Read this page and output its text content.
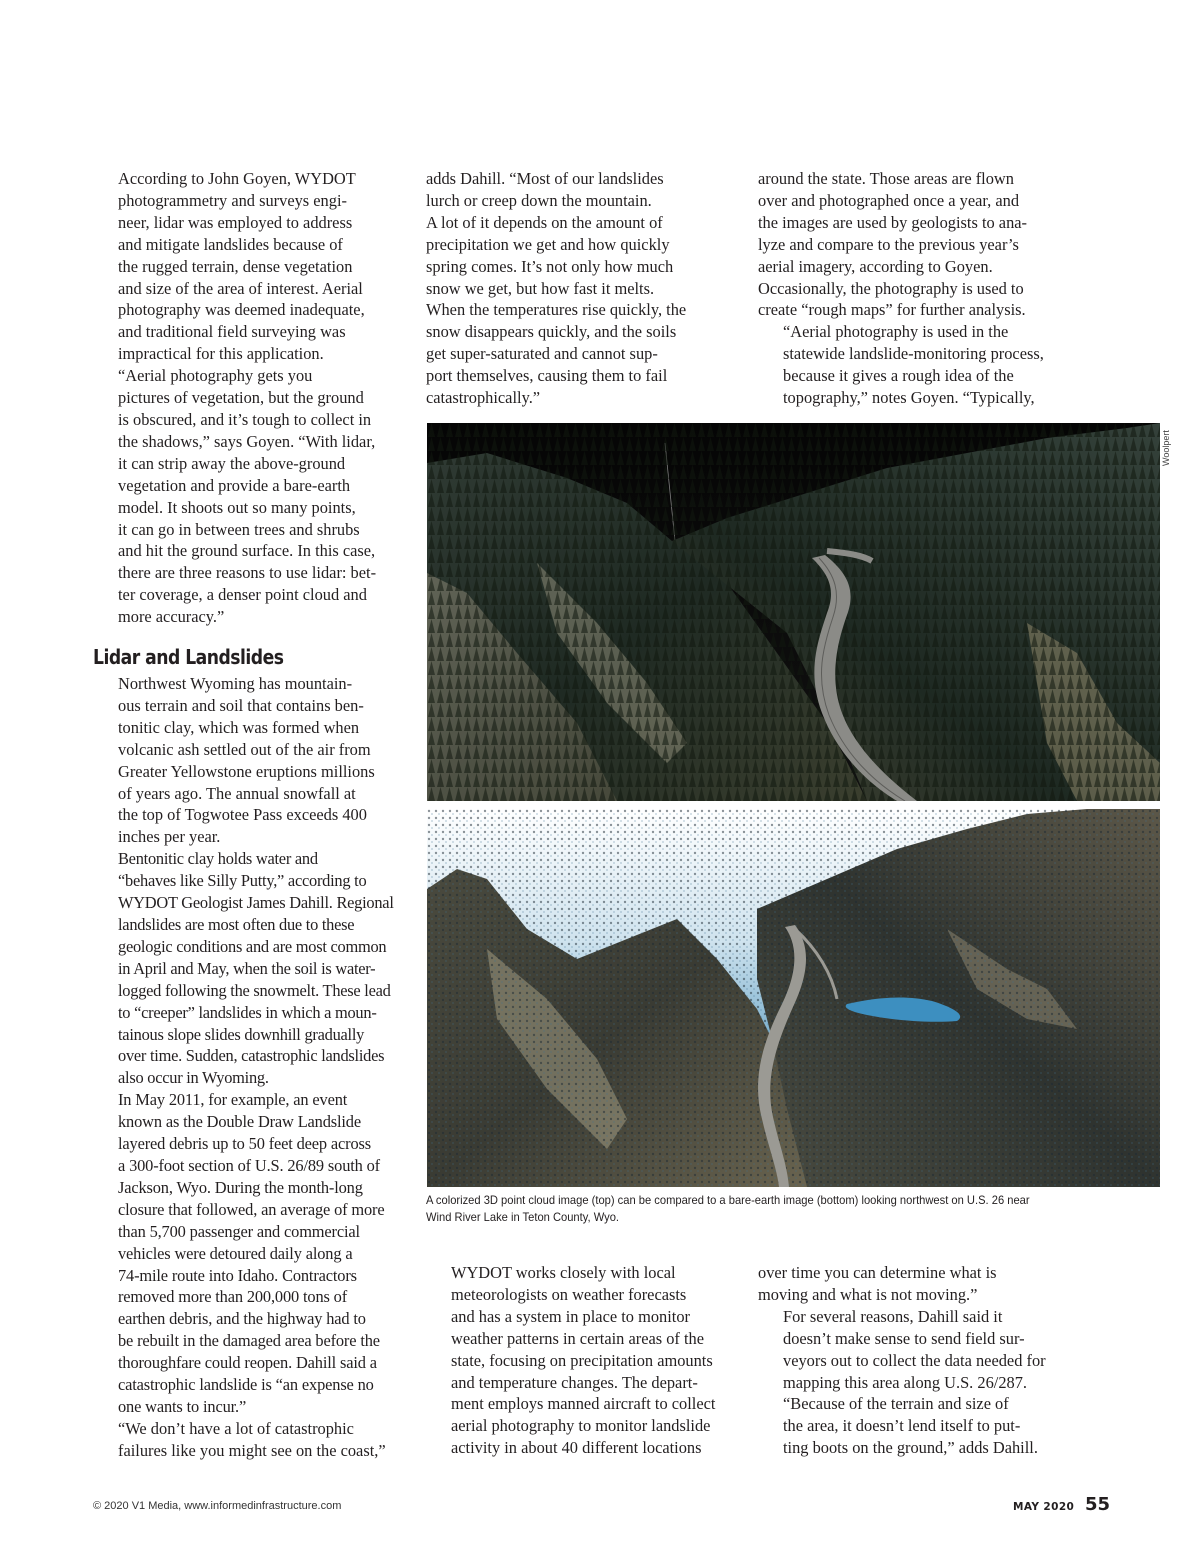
According to John Goyen, WYDOT
photogrammetry and surveys engi-
neer, lidar was employed to address
and mitigate landslides because of
the rugged terrain, dense vegetation
and size of the area of interest. Aerial
photography was deemed inadequate,
and traditional field surveying was
impractical for this application.

“Aerial photography gets you
pictures of vegetation, but the ground
is obscured, and it’s tough to collect in
the shadows,” says Goyen. “With lidar,
it can strip away the above-ground
vegetation and provide a bare-earth
model. It shoots out so many points,
it can go in between trees and shrubs
and hit the ground surface. In this case,
there are three reasons to use lidar: bet-
ter coverage, a denser point cloud and
more accuracy.”

Lidar and Landslides

Northwest Wyoming has mountain-
ous terrain and soil that contains ben-
tonitic clay, which was formed when
volcanic ash settled out of the air from
Greater Yellowstone eruptions millions
of years ago. The annual snowfall at
the top of Togwotee Pass exceeds 400
inches per year.

Bentonitic clay holds water and
“behaves like Silly Putty,” according to
WYDOT Geologist James Dahill. Regional
landslides are most often due to these
geologic conditions and are most common
in April and May, when the soil is water-
logged following the snowmelt. These lead
to “creeper” landslides in which a moun-
tainous slope slides downhill gradually
over time. Sudden, catastrophic landslides
also occur in Wyoming.

In May 2011, for example, an event
known as the Double Draw Landslide
layered debris up to 50 feet deep across
a 300-foot section of U.S. 26/89 south of
Jackson, Wyo. During the month-long
closure that followed, an average of more
than 5,700 passenger and commercial
vehicles were detoured daily along a
74-mile route into Idaho. Contractors
removed more than 200,000 tons of
earthen debris, and the highway had to
be rebuilt in the damaged area before the
thoroughfare could reopen. Dahill said a
catastrophic landslide is “an expense no
one wants to incur.”

“We don’t have a lot of catastrophic
failures like you might see on the coast,”

adds Dahill. “Most of our landslides
lurch or creep down the mountain.
A lot of it depends on the amount of
precipitation we get and how quickly
spring comes. It’s not only how much
snow we get, but how fast it melts.
When the temperatures rise quickly, the
snow disappears quickly, and the soils
get super-saturated and cannot sup-
port themselves, causing them to fail
catastrophically.”

around the state. Those areas are flown
over and photographed once a year, and
the images are used by geologists to ana-
lyze and compare to the previous year’s
aerial imagery, according to Goyen.
Occasionally, the photography is used to
create “rough maps” for further analysis.

“Aerial photography is used in the
statewide landslide-monitoring process,
because it gives a rough idea of the
topography,” notes Goyen. “Typically,

Woolpert
A colorized 3D point cloud image (top) can be compared to a bare-earth image (bottom) looking northwest on U.S. 26 near
Wind River Lake in Teton County, Wyo.

WYDOT works closely with local
meteorologists on weather forecasts
and has a system in place to monitor
weather patterns in certain areas of the
state, focusing on precipitation amounts
and temperature changes. The depart-
ment employs manned aircraft to collect
aerial photography to monitor landslide
activity in about 40 different locations

over time you can determine what is
moving and what is not moving.”

For several reasons, Dahill said it
doesn’t make sense to send field sur-
veyors out to collect the data needed for
mapping this area along U.S. 26/287.

“Because of the terrain and size of
the area, it doesn’t lend itself to put-
ting boots on the ground,” adds Dahill.

© 2020 V1 Media, www.informedinfrastructure.com	MAY 2020 55
